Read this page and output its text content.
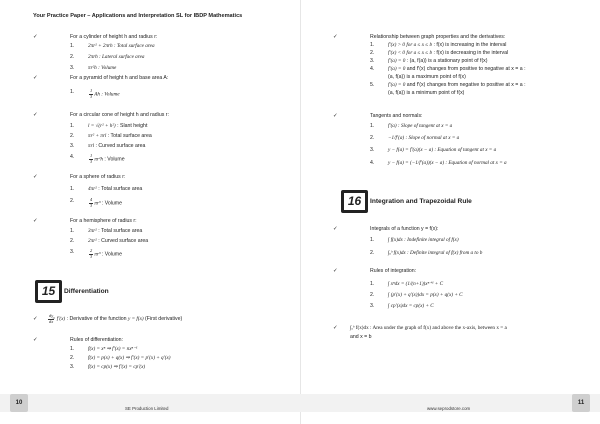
Your Practice Paper – Applications and Interpretation SL for IBDP Mathematics
✓	For a cylinder of height h and radius r:
1.	2πr² + 2πrh : Total surface area
2.	2πrh : Lateral surface area
3.	πr²h : Volume
✓	For a pyramid of height h and base area A:
1.	$\frac{1}{3}$ Ah : Volume
✓	For a circular cone of height h and radius r:
1.	l = √(r² + h²) : Slant height
2.	πr² + πrl : Total surface area
3.	πrl : Curved surface area
4.	$\frac{1}{3} \pi r^2h$ : Volume
✓	For a sphere of radius r:
1.	4πr² : Total surface area
2.	$\frac{4}{3} \pi r^3$ : Volume
✓	For a hemisphere of radius r:
1.	3πr² : Total surface area
2.	2πr² : Curved surface area
3.	$\frac{2}{3} \pi r^3$ : Volume
15	Differentiation
✓ $\frac{dy}{dx}$
= f′(x) : Derivative of the function y = f(x) (First derivative)
✓	Rules of differentiation:
1.	f(x) = xⁿ ⇒ f′(x) = nxⁿ⁻¹
2.	f(x) = p(x) + q(x) ⇒ f′(x) = p′(x) + q′(x)
3.	f(x) = cp(x) ⇒ f′(x) = cp′(x)
10
SE Production Limited
✓	Relationship between graph properties and the derivatives:
1.	f′(x) > 0 for a ≤ x ≤ b : f(x) is increasing in the interval
2.	f′(x) < 0 for a ≤ x ≤ b : f(x) is decreasing in the interval
3.	f′(a) = 0 : (a, f(a)) is a stationary point of f(x)
4.	f′(a) = 0 and f′(x) changes from positive to negative at x = a :
(a, f(a)) is a maximum point of f(x)
5.	f′(a) = 0 and f′(x) changes from negative to positive at x = a :
(a, f(a)) is a minimum point of f(x)
✓	Tangents and normals:
1.	f′(a) : Slope of tangent at x = a
2.	−1/f′(a) : Slope of normal at x = a
3.	y − f(a) = f′(a)(x − a) : Equation of tangent at x = a
4.	y − f(a) = (−1/f′(a))(x − a) : Equation of normal at x = a
16	Integration and Trapezoidal Rule
✓	Integrals of a function y = f(x):
1.	∫ f(x)dx : Indefinite integral of f(x)
2.	∫ₐᵇ f(x)dx : Definite integral of f(x) from a to b
✓	Rules of integration:
1.	∫ xⁿdx = (1/(n+1))xⁿ⁺¹ + C
2.	∫ (p′(x) + q′(x))dx = p(x) + q(x) + C
3.	∫ cp′(x)dx = cp(x) + C
✓ ∫ₐᵇ f(x)dx : Area under the graph of f(x) and above the x-axis, between x = a
and x = b
11
www.seprodstore.com
